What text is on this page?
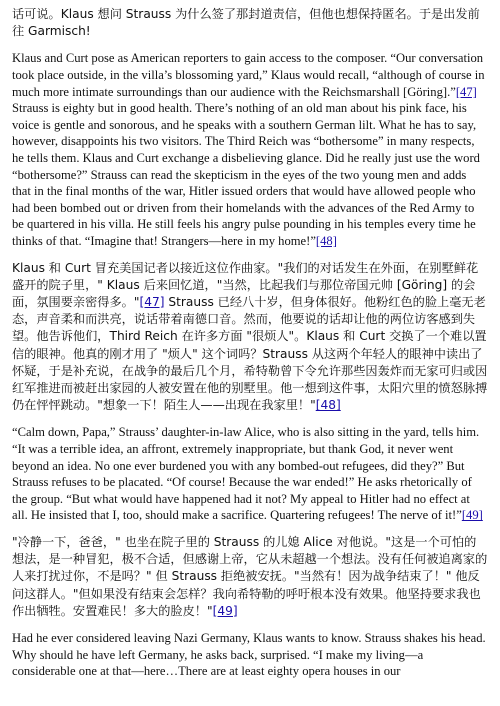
话可说。Klaus 想问 Strauss 为什么签了那封道责信，但他也想保持匿名。于是出发前往 Garmisch!

Klaus and Curt pose as American reporters to gain access to the composer. “Our conversation took place outside, in the villa’s blossoming yard,” Klaus would recall, “although of course in much more intimate surroundings than our audience with the Reichsmarshall [Göring].”[47] Strauss is eighty but in good health. There’s nothing of an old man about his pink face, his voice is gentle and sonorous, and he speaks with a southern German lilt. What he has to say, however, disappoints his two visitors. The Third Reich was “bothersome” in many respects, he tells them. Klaus and Curt exchange a disbelieving glance. Did he really just use the word “bothersome?” Strauss can read the skepticism in the eyes of the two young men and adds that in the final months of the war, Hitler issued orders that would have allowed people who had been bombed out or driven from their homelands with the advances of the Red Army to be quartered in his villa. He still feels his angry pulse pounding in his temples every time he thinks of that. “Imagine that! Strangers—here in my home!”[48]

Klaus 和 Curt 冒充美国记者以接近这位作曲家。"我们的对话发生在外面，在别墅鲜花盛开的院子里，" Klaus 后来回忆道，"当然，比起我们与那位帝国元帅 [Göring] 的会面，氛围要亲密得多。"[47] Strauss 已经八十岁，但身体很好。他粉红色的脸上毫无老态，声音柔和而洪亮，说话带着南德口音。然而，他要说的话却让他的两位访客感到失望。他告诉他们，Third Reich 在许多方面 "很烦人"。Klaus 和 Curt 交换了一个难以置信的眼神。他真的刚才用了 "烦人" 这个词吗？Strauss 从这两个年轻人的眼神中读出了怀疑，于是补充说，在战争的最后几个月，希特勒曾下令允许那些因轰炸而无家可归或因红军推进而被赶出家园的人被安置在他的别墅里。他一想到这件事，太阳穴里的愤怒脉搏仍在怦怦跳动。"想象一下！陌生人——出现在我家里！"[48]

“Calm down, Papa,” Strauss’ daughter-in-law Alice, who is also sitting in the yard, tells him. “It was a terrible idea, an affront, extremely inappropriate, but thank God, it never went beyond an idea. No one ever burdened you with any bombed-out refugees, did they?” But Strauss refuses to be placated. “Of course! Because the war ended!” He asks rhetorically of the group. “But what would have happened had it not? My appeal to Hitler had no effect at all. He insisted that I, too, should make a sacrifice. Quartering refugees! The nerve of it!”[49]

"冷静一下，爸爸，" 也坐在院子里的 Strauss 的儿媳 Alice 对他说。"这是一个可怕的想法，是一种冒犯，极不合适，但感谢上帝，它从未超越一个想法。没有任何被追离家的人来打扰过你，不是吗？" 但 Strauss 拒绝被安抚。"当然有！因为战争结束了！" 他反问这群人。"但如果没有结束会怎样？我向希特勒的呼吁根本没有效果。他坚持要求我也作出牺牲。安置难民！多大的脸皮！"[49]

Had he ever considered leaving Nazi Germany, Klaus wants to know. Strauss shakes his head. Why should he have left Germany, he asks back, surprised. “I make my living—a considerable one at that—here…There are at least eighty opera houses in our
